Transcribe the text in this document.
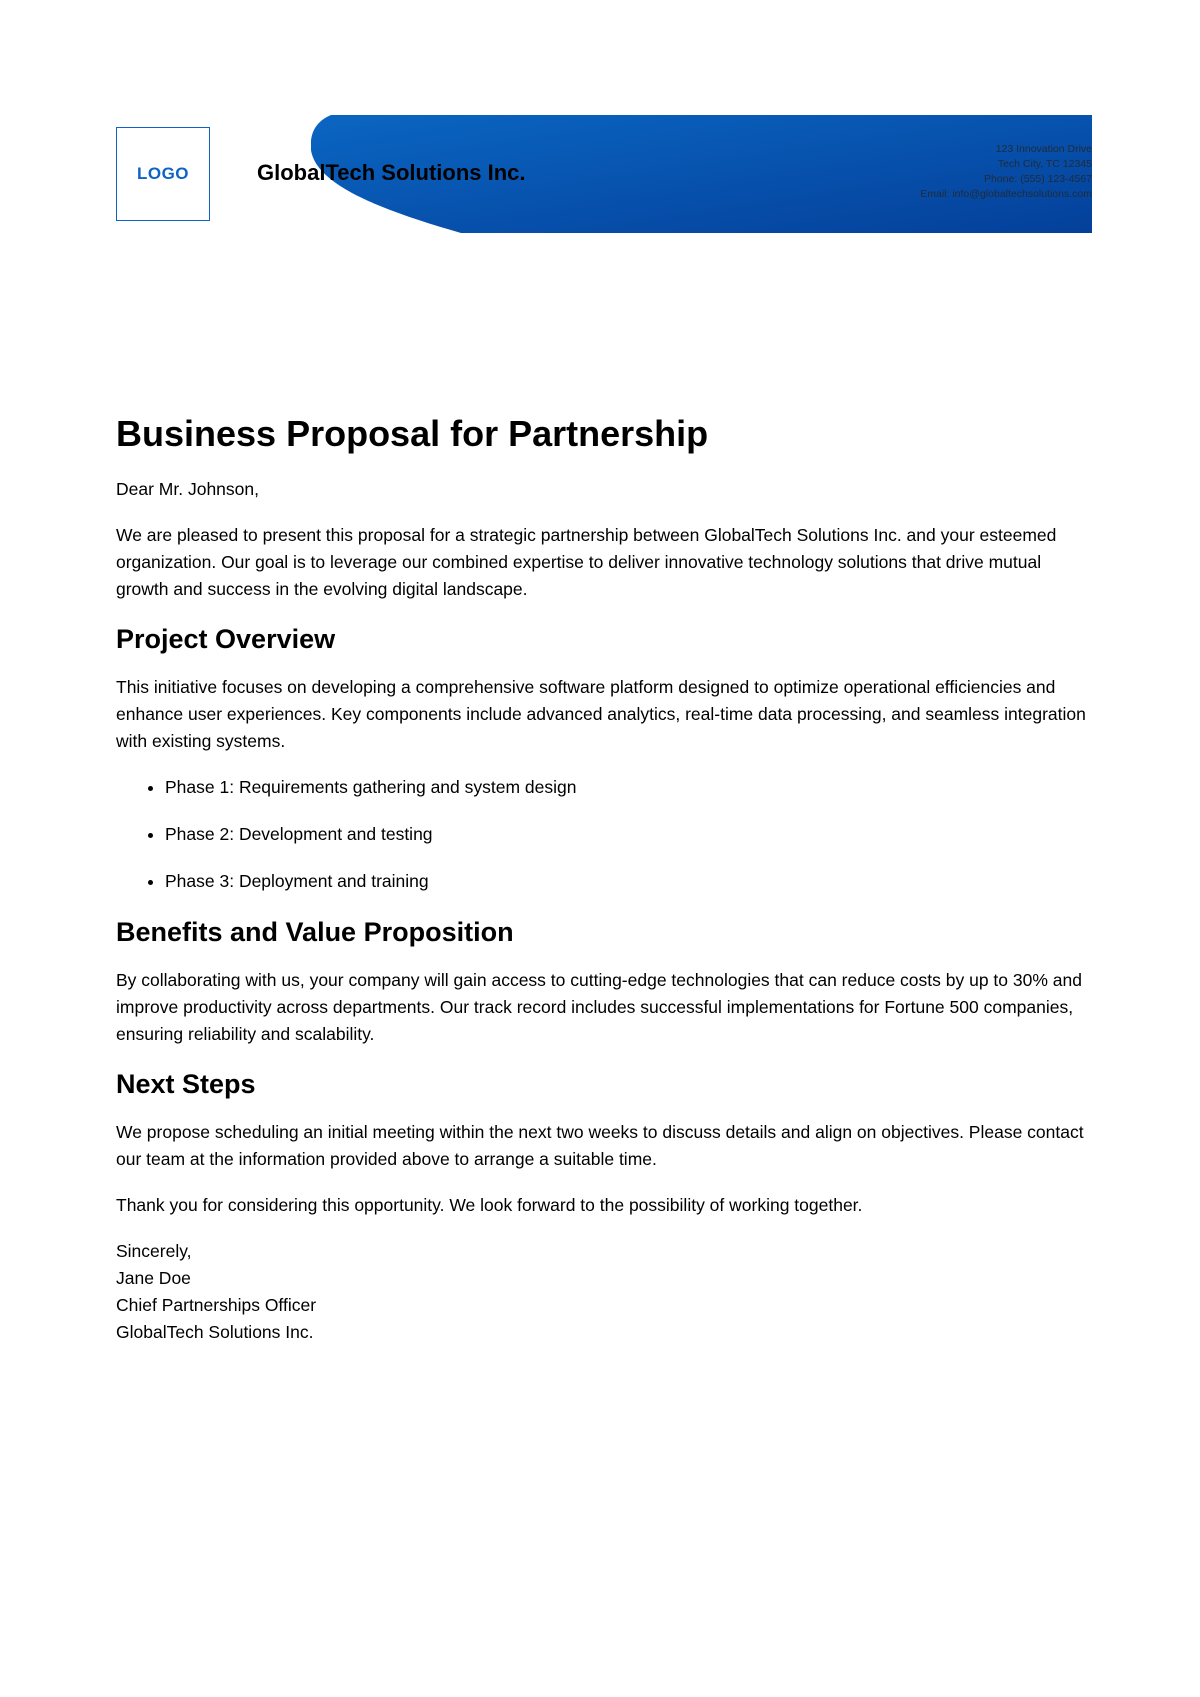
LOGO	GlobalTech Solutions Inc.
123 Innovation Drive
Tech City, TC 12345
Phone: (555) 123-4567
Email: info@globaltechsolutions.com
Business Proposal for Partnership

Dear Mr. Johnson,

We are pleased to present this proposal for a strategic partnership between GlobalTech Solutions Inc. and your esteemed organization. Our goal is to leverage our combined expertise to deliver innovative technology solutions that drive mutual growth and success in the evolving digital landscape.

Project Overview

This initiative focuses on developing a comprehensive software platform designed to optimize operational efficiencies and enhance user experiences. Key components include advanced analytics, real-time data processing, and seamless integration with existing systems.

• Phase 1: Requirements gathering and system design
• Phase 2: Development and testing
• Phase 3: Deployment and training
Benefits and Value Proposition

By collaborating with us, your company will gain access to cutting-edge technologies that can reduce costs by up to 30% and improve productivity across departments. Our track record includes successful implementations for Fortune 500 companies, ensuring reliability and scalability.

Next Steps

We propose scheduling an initial meeting within the next two weeks to discuss details and align on objectives. Please contact our team at the information provided above to arrange a suitable time.

Thank you for considering this opportunity. We look forward to the possibility of working together.

Sincerely,
Jane Doe
Chief Partnerships Officer
GlobalTech Solutions Inc.
